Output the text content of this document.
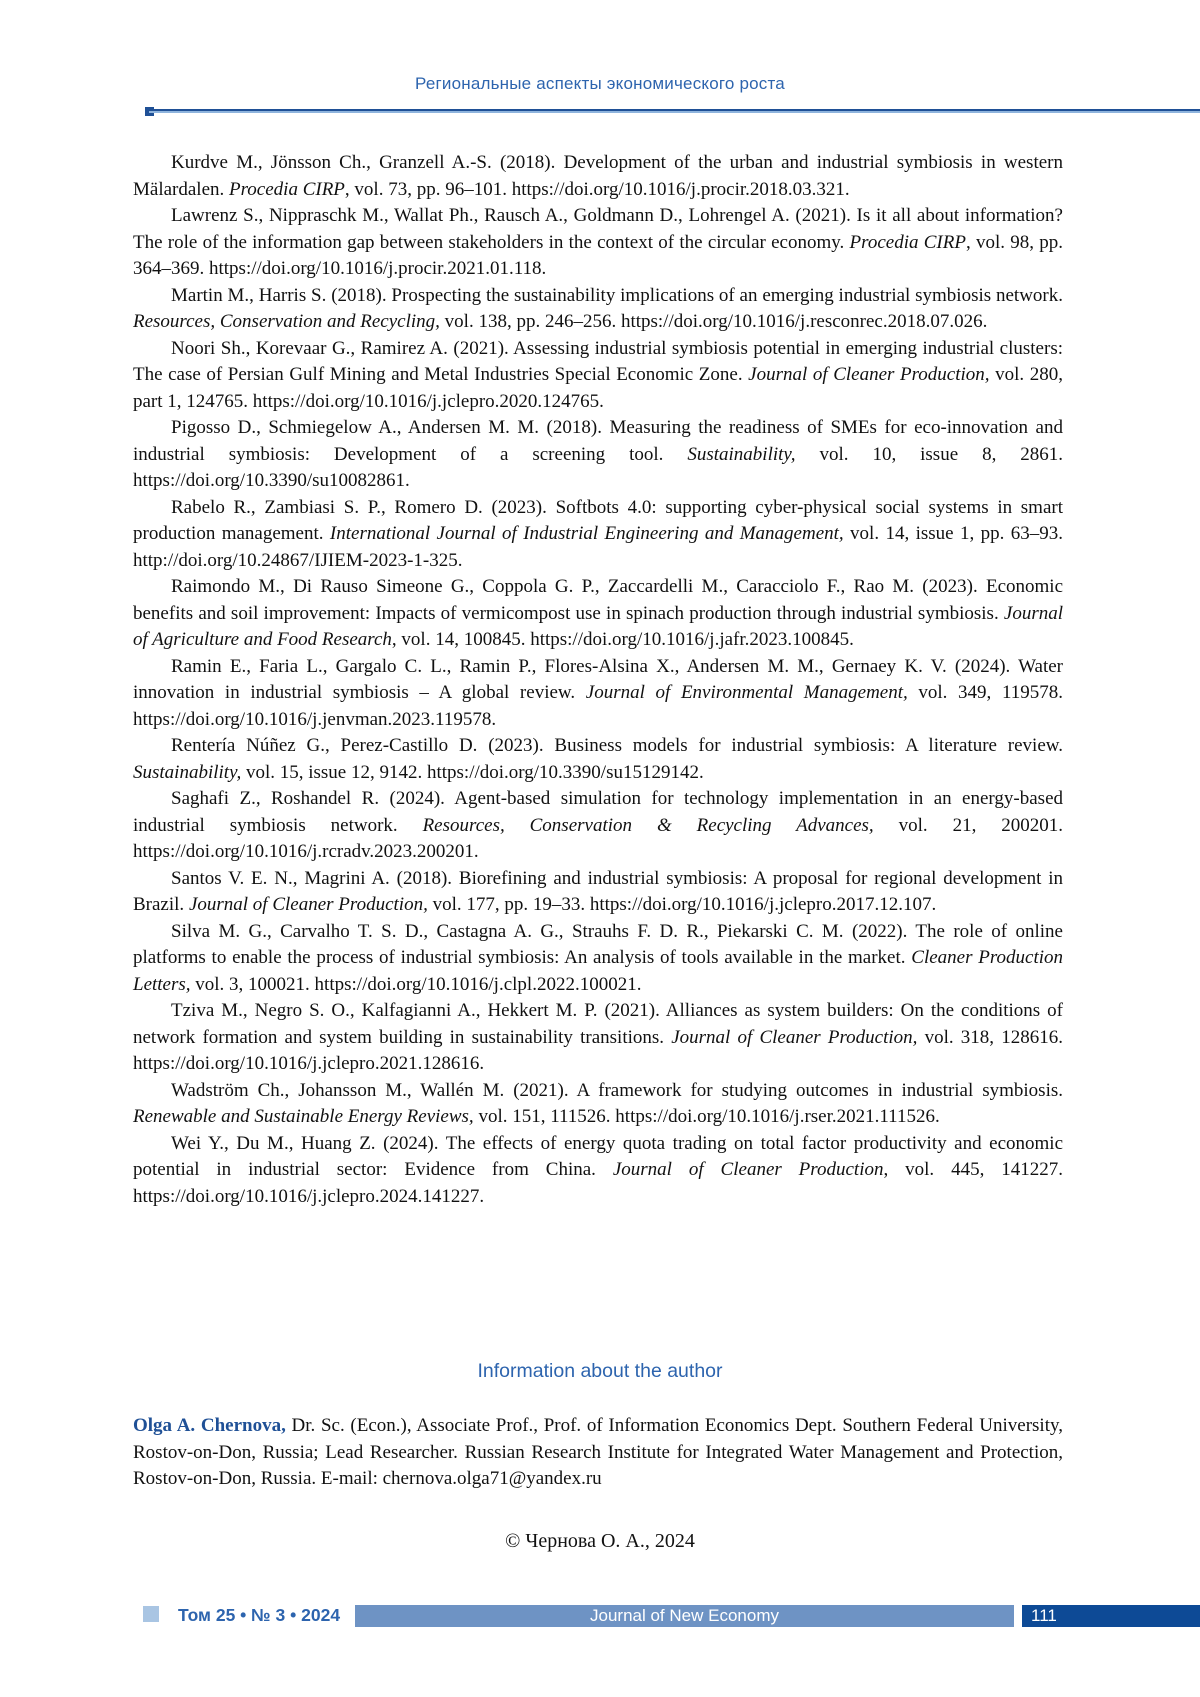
Региональные аспекты экономического роста

Kurdve M., Jönsson Ch., Granzell A.-S. (2018). Development of the urban and industrial symbiosis in western Mälardalen. Procedia CIRP, vol. 73, pp. 96–101. https://doi.org/10.1016/j.procir.2018.03.321.

Lawrenz S., Nippraschk M., Wallat Ph., Rausch A., Goldmann D., Lohrengel A. (2021). Is it all about information? The role of the information gap between stakeholders in the context of the circular economy. Procedia CIRP, vol. 98, pp. 364–369. https://doi.org/10.1016/j.procir.2021.01.118.

Martin M., Harris S. (2018). Prospecting the sustainability implications of an emerging industrial symbiosis network. Resources, Conservation and Recycling, vol. 138, pp. 246–256. https://doi.org/10.1016/j.resconrec.2018.07.026.

Noori Sh., Korevaar G., Ramirez A. (2021). Assessing industrial symbiosis potential in emerging industrial clusters: The case of Persian Gulf Mining and Metal Industries Special Economic Zone. Journal of Cleaner Production, vol. 280, part 1, 124765. https://doi.org/10.1016/j.jclepro.2020.124765.

Pigosso D., Schmiegelow A., Andersen M. M. (2018). Measuring the readiness of SMEs for eco-innovation and industrial symbiosis: Development of a screening tool. Sustainability, vol. 10, issue 8, 2861. https://doi.org/10.3390/su10082861.

Rabelo R., Zambiasi S. P., Romero D. (2023). Softbots 4.0: supporting cyber-physical social systems in smart production management. International Journal of Industrial Engineering and Management, vol. 14, issue 1, pp. 63–93. http://doi.org/10.24867/IJIEM-2023-1-325.

Raimondo M., Di Rauso Simeone G., Coppola G. P., Zaccardelli M., Caracciolo F., Rao M. (2023). Economic benefits and soil improvement: Impacts of vermicompost use in spinach production through industrial symbiosis. Journal of Agriculture and Food Research, vol. 14, 100845. https://doi.org/10.1016/j.jafr.2023.100845.

Ramin E., Faria L., Gargalo C. L., Ramin P., Flores-Alsina X., Andersen M. M., Gernaey K. V. (2024). Water innovation in industrial symbiosis – A global review. Journal of Environmental Management, vol. 349, 119578. https://doi.org/10.1016/j.jenvman.2023.119578.

Rentería Núñez G., Perez-Castillo D. (2023). Business models for industrial symbiosis: A literature review. Sustainability, vol. 15, issue 12, 9142. https://doi.org/10.3390/su15129142.

Saghafi Z., Roshandel R. (2024). Agent-based simulation for technology implementation in an energy-based industrial symbiosis network. Resources, Conservation & Recycling Advances, vol. 21, 200201. https://doi.org/10.1016/j.rcradv.2023.200201.

Santos V. E. N., Magrini A. (2018). Biorefining and industrial symbiosis: A proposal for regional development in Brazil. Journal of Cleaner Production, vol. 177, pp. 19–33. https://doi.org/10.1016/j.jclepro.2017.12.107.

Silva M. G., Carvalho T. S. D., Castagna A. G., Strauhs F. D. R., Piekarski C. M. (2022). The role of online platforms to enable the process of industrial symbiosis: An analysis of tools available in the market. Cleaner Production Letters, vol. 3, 100021. https://doi.org/10.1016/j.clpl.2022.100021.

Tziva M., Negro S. O., Kalfagianni A., Hekkert M. P. (2021). Alliances as system builders: On the conditions of network formation and system building in sustainability transitions. Journal of Cleaner Production, vol. 318, 128616. https://doi.org/10.1016/j.jclepro.2021.128616.

Wadström Ch., Johansson M., Wallén M. (2021). A framework for studying outcomes in industrial symbiosis. Renewable and Sustainable Energy Reviews, vol. 151, 111526. https://doi.org/10.1016/j.rser.2021.111526.

Wei Y., Du M., Huang Z. (2024). The effects of energy quota trading on total factor productivity and economic potential in industrial sector: Evidence from China. Journal of Cleaner Production, vol. 445, 141227. https://doi.org/10.1016/j.jclepro.2024.141227.

Information about the author

Olga A. Chernova, Dr. Sc. (Econ.), Associate Prof., Prof. of Information Economics Dept. Southern Federal University, Rostov-on-Don, Russia; Lead Researcher. Russian Research Institute for Integrated Water Management and Protection, Rostov-on-Don, Russia. E-mail: chernova.olga71@yandex.ru

© Чернова О. А., 2024
Том 25 • № 3 • 2024	Journal of New Economy	111
